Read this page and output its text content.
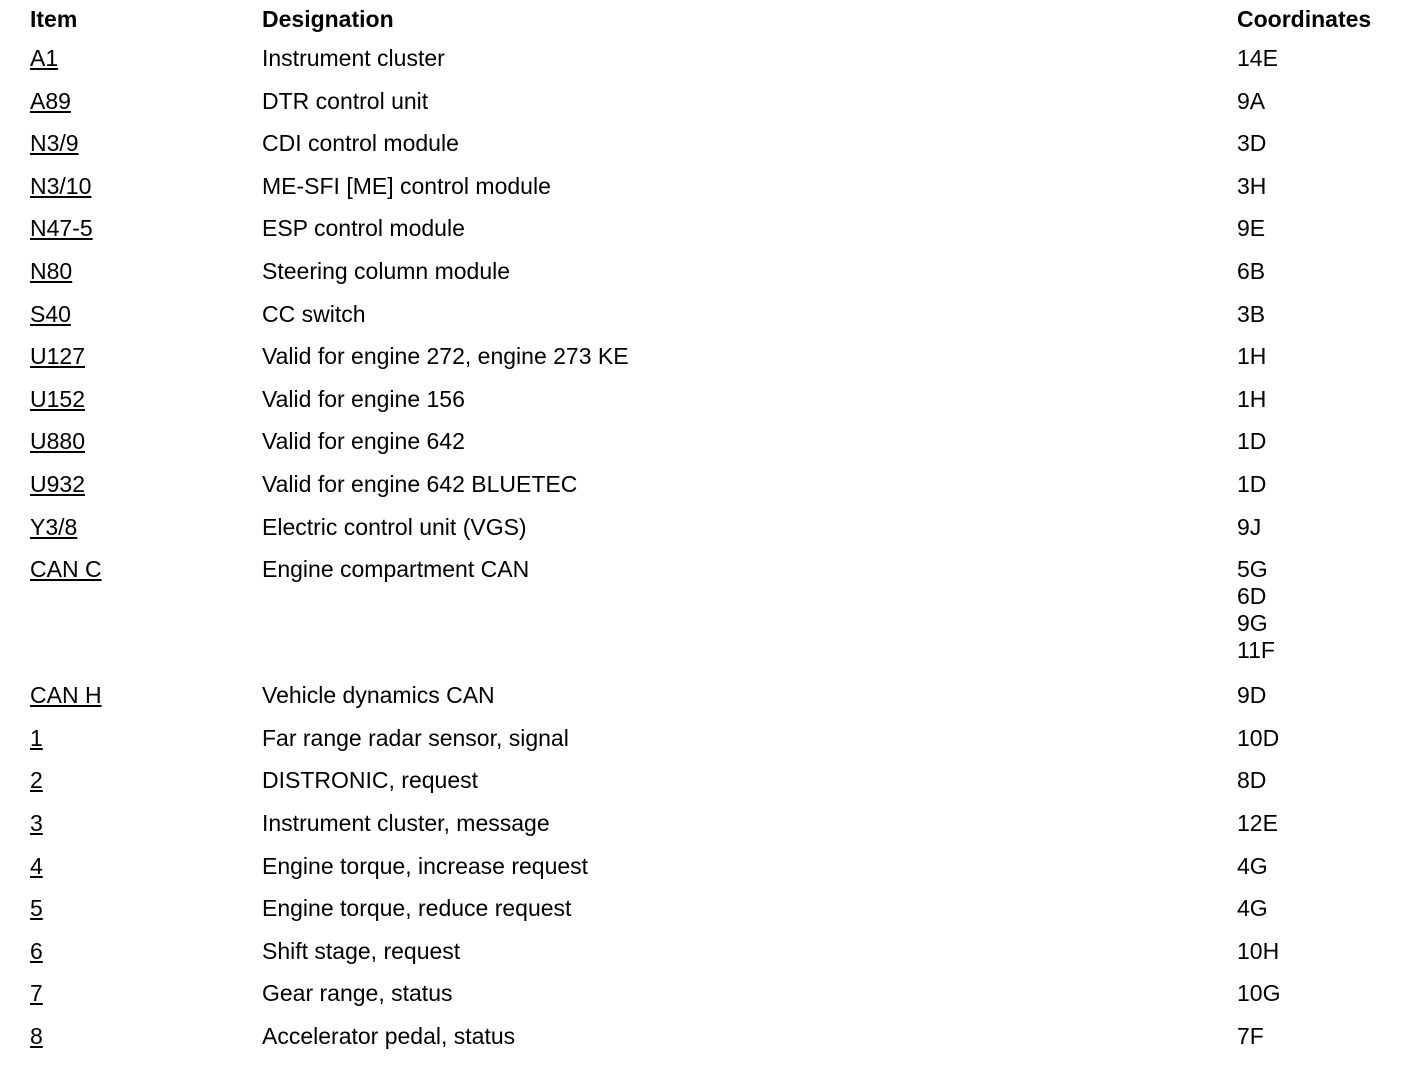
Item	Designation	Coordinates
A1	Instrument cluster	14E
A89	DTR control unit	9A
N3/9	CDI control module	3D
N3/10	ME-SFI [ME] control module	3H
N47-5	ESP control module	9E
N80	Steering column module	6B
S40	CC switch	3B
U127	Valid for engine 272, engine 273 KE	1H
U152	Valid for engine 156	1H
U880	Valid for engine 642	1D
U932	Valid for engine 642 BLUETEC	1D
Y3/8	Electric control unit (VGS)	9J
CAN C	Engine compartment CAN	5G
6D
9G
11F
CAN H	Vehicle dynamics CAN	9D
1	Far range radar sensor, signal	10D
2	DISTRONIC, request	8D
3	Instrument cluster, message	12E
4	Engine torque, increase request	4G
5	Engine torque, reduce request	4G
6	Shift stage, request	10H
7	Gear range, status	10G
8	Accelerator pedal, status	7F
